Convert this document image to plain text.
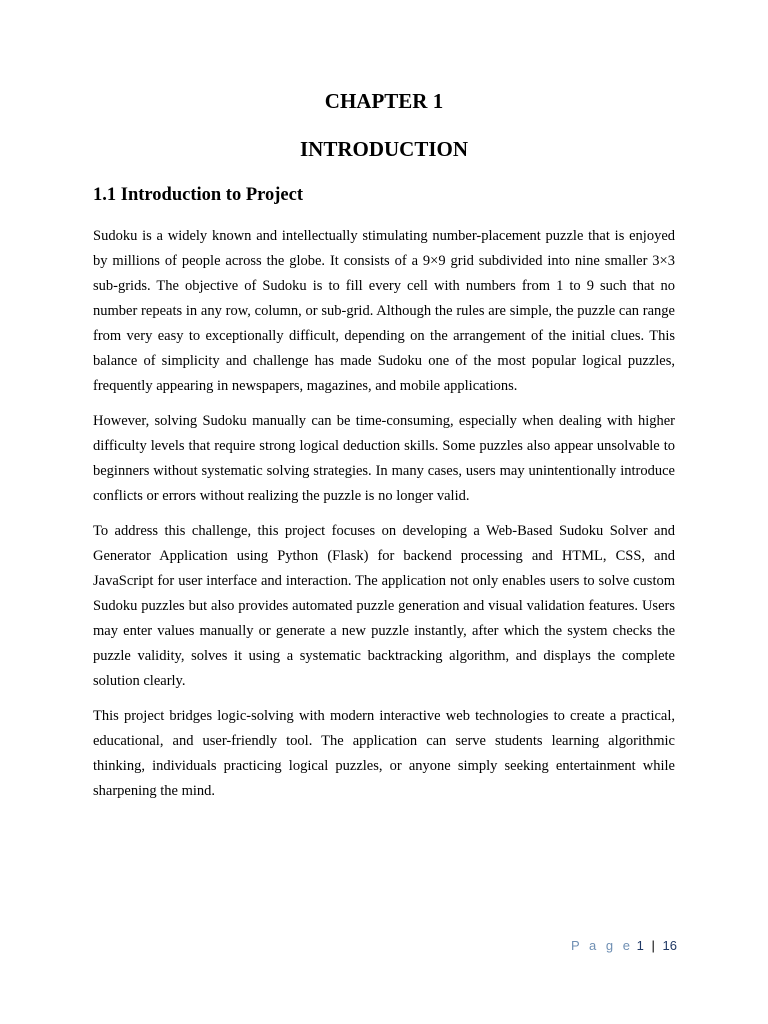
CHAPTER 1
INTRODUCTION
1.1 Introduction to Project

Sudoku is a widely known and intellectually stimulating number-placement puzzle that is enjoyed by millions of people across the globe. It consists of a 9×9 grid subdivided into nine smaller 3×3 sub-grids. The objective of Sudoku is to fill every cell with numbers from 1 to 9 such that no number repeats in any row, column, or sub-grid. Although the rules are simple, the puzzle can range from very easy to exceptionally difficult, depending on the arrangement of the initial clues. This balance of simplicity and challenge has made Sudoku one of the most popular logical puzzles, frequently appearing in newspapers, magazines, and mobile applications.

However, solving Sudoku manually can be time-consuming, especially when dealing with higher difficulty levels that require strong logical deduction skills. Some puzzles also appear unsolvable to beginners without systematic solving strategies. In many cases, users may unintentionally introduce conflicts or errors without realizing the puzzle is no longer valid.

To address this challenge, this project focuses on developing a Web-Based Sudoku Solver and Generator Application using Python (Flask) for backend processing and HTML, CSS, and JavaScript for user interface and interaction. The application not only enables users to solve custom Sudoku puzzles but also provides automated puzzle generation and visual validation features. Users may enter values manually or generate a new puzzle instantly, after which the system checks the puzzle validity, solves it using a systematic backtracking algorithm, and displays the complete solution clearly.

This project bridges logic-solving with modern interactive web technologies to create a practical, educational, and user-friendly tool. The application can serve students learning algorithmic thinking, individuals practicing logical puzzles, or anyone simply seeking entertainment while sharpening the mind.

P a g e 1 | 16
